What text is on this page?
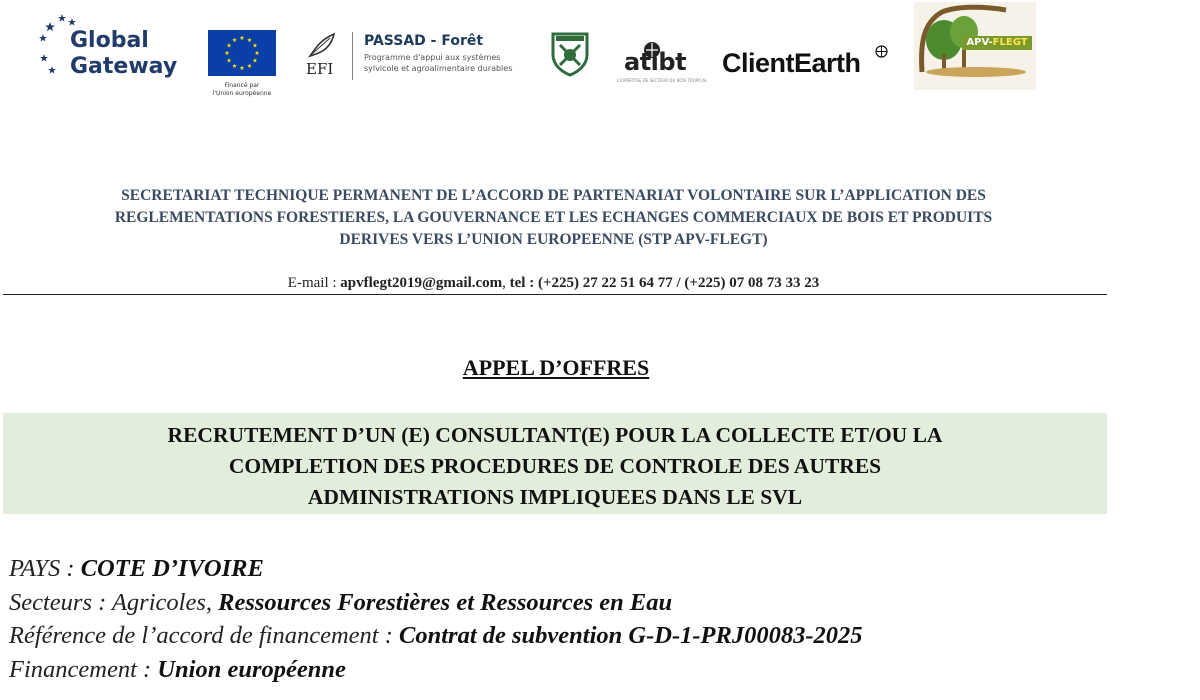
Global
Gateway
Financé par
l'Union européenne
EFI
PASSAD - Forêt
Programme d'appui aux systèmes
sylvicole et agroalimentaire durables	atibt
L'EXPERTISE DE SECTEUR DU BOIS TROPICAL
ClientEarth
APV-FLEGT
SECRETARIAT TECHNIQUE PERMANENT DE L’ACCORD DE PARTENARIAT VOLONTAIRE SUR L’APPLICATION DES
REGLEMENTATIONS FORESTIERES, LA GOUVERNANCE ET LES ECHANGES COMMERCIAUX DE BOIS ET PRODUITS
DERIVES VERS L’UNION EUROPEENNE (STP APV-FLEGT)
E-mail : apvflegt2019@gmail.com, tel : (+225) 27 22 51 64 77 / (+225) 07 08 73 33 23
APPEL D’OFFRES
RECRUTEMENT D’UN (E) CONSULTANT(E) POUR LA COLLECTE ET/OU LA
COMPLETION DES PROCEDURES DE CONTROLE DES AUTRES
ADMINISTRATIONS IMPLIQUEES DANS LE SVL
PAYS : COTE D’IVOIRE
Secteurs : Agricoles, Ressources Forestières et Ressources en Eau
Référence de l’accord de financement : Contrat de subvention G-D-1-PRJ00083-2025
Financement : Union européenne
